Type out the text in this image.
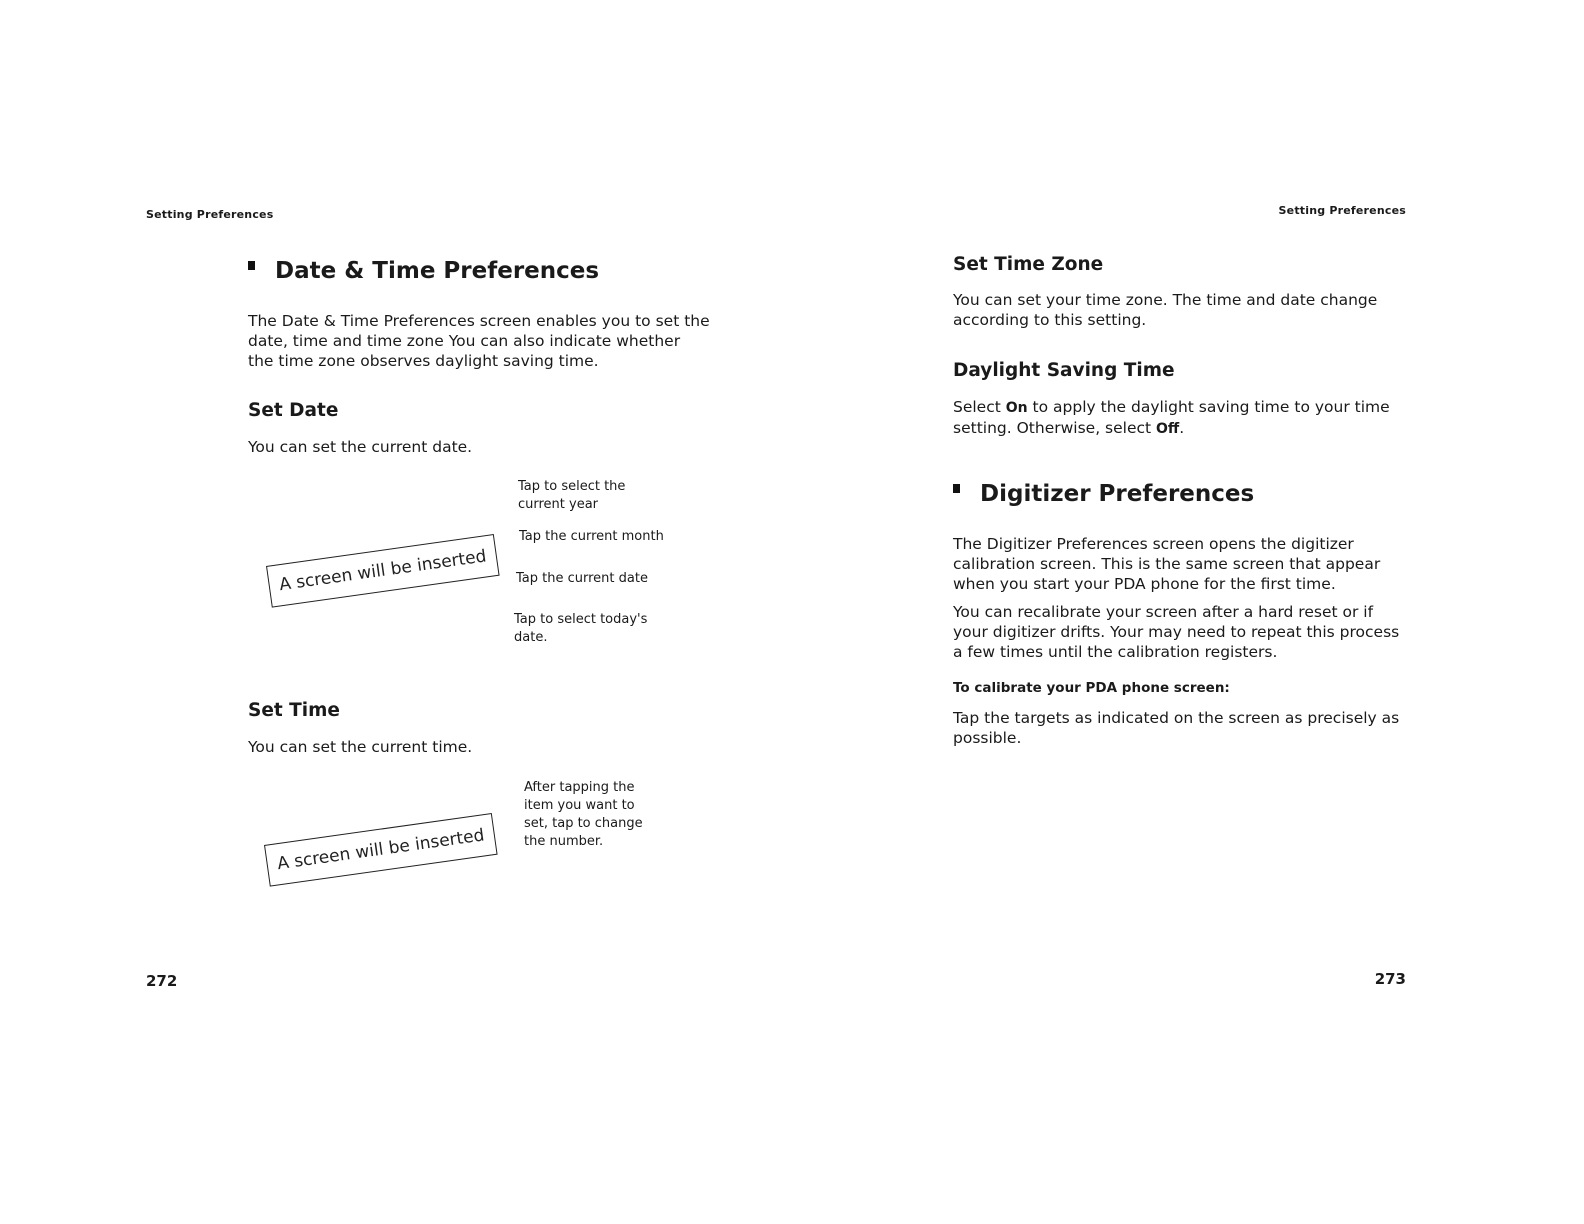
Setting Preferences
Date & Time Preferences
The Date & Time Preferences screen enables you to set the date, time and time zone You can also indicate whether the time zone observes daylight saving time.
Set Date
You can set the current date.
A screen will be inserted
Tap to select the current year
Tap the current month
Tap the current date
Tap to select today's date.
Set Time
You can set the current time.
A screen will be inserted
After tapping the item you want to set, tap to change the number.
272
Setting Preferences
Set Time Zone
You can set your time zone. The time and date change according to this setting.
Daylight Saving Time
Select On to apply the daylight saving time to your time setting. Otherwise, select Off.
Digitizer Preferences
The Digitizer Preferences screen opens the digitizer calibration screen. This is the same screen that appear when you start your PDA phone for the first time.
You can recalibrate your screen after a hard reset or if your digitizer drifts. Your may need to repeat this process a few times until the calibration registers.
To calibrate your PDA phone screen:
Tap the targets as indicated on the screen as precisely as possible.
273
